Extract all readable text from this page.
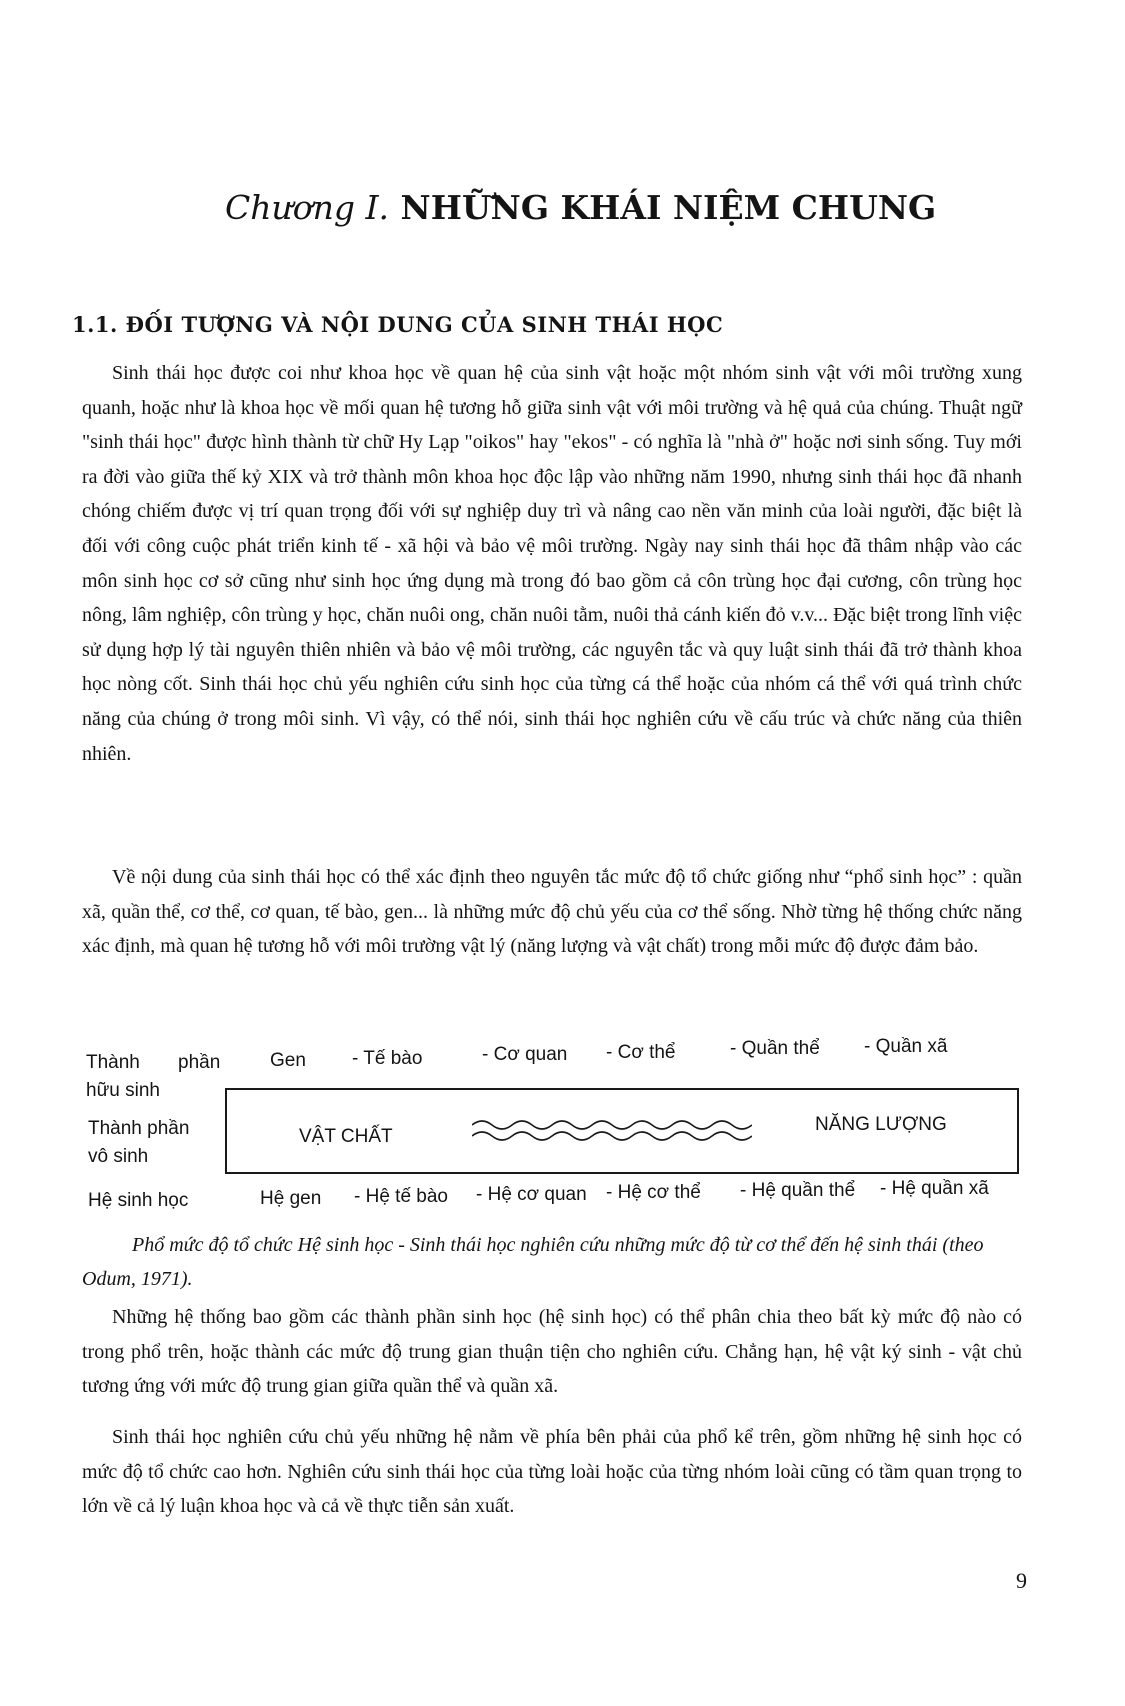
Chương I. NHỮNG KHÁI NIỆM CHUNG
1.1. ĐỐI TƯỢNG VÀ NỘI DUNG CỦA SINH THÁI HỌC

Sinh thái học được coi như khoa học về quan hệ của sinh vật hoặc một nhóm sinh vật với môi trường xung quanh, hoặc như là khoa học về mối quan hệ tương hỗ giữa sinh vật với môi trường và hệ quả của chúng. Thuật ngữ "sinh thái học" được hình thành từ chữ Hy Lạp "oikos" hay "ekos" - có nghĩa là "nhà ở" hoặc nơi sinh sống. Tuy mới ra đời vào giữa thế kỷ XIX và trở thành môn khoa học độc lập vào những năm 1990, nhưng sinh thái học đã nhanh chóng chiếm được vị trí quan trọng đối với sự nghiệp duy trì và nâng cao nền văn minh của loài người, đặc biệt là đối với công cuộc phát triển kinh tế - xã hội và bảo vệ môi trường. Ngày nay sinh thái học đã thâm nhập vào các môn sinh học cơ sở cũng như sinh học ứng dụng mà trong đó bao gồm cả côn trùng học đại cương, côn trùng học nông, lâm nghiệp, côn trùng y học, chăn nuôi ong, chăn nuôi tằm, nuôi thả cánh kiến đỏ v.v... Đặc biệt trong lĩnh việc sử dụng hợp lý tài nguyên thiên nhiên và bảo vệ môi trường, các nguyên tắc và quy luật sinh thái đã trở thành khoa học nòng cốt. Sinh thái học chủ yếu nghiên cứu sinh học của từng cá thể hoặc của nhóm cá thể với quá trình chức năng của chúng ở trong môi sinh. Vì vậy, có thể nói, sinh thái học nghiên cứu về cấu trúc và chức năng của thiên nhiên.

Về nội dung của sinh thái học có thể xác định theo nguyên tắc mức độ tổ chức giống như “phổ sinh học” : quần xã, quần thể, cơ thể, cơ quan, tế bào, gen... là những mức độ chủ yếu của cơ thể sống. Nhờ từng hệ thống chức năng xác định, mà quan hệ tương hỗ với môi trường vật lý (năng lượng và vật chất) trong mỗi mức độ được đảm bảo.

Thành phần
hữu sinh
Gen - Tế bào	- Cơ quan - Cơ thể	- Quần thể - Quần xã
Thành phần
vô sinh
VẬT CHẤT
NĂNG LƯỢNG
Hệ sinh học	Hệ gen - Hệ tế bào - Hệ cơ quan - Hệ cơ thể - Hệ quần thể - Hệ quần xã
Phổ mức độ tổ chức Hệ sinh học - Sinh thái học nghiên cứu những mức độ từ cơ thể đến hệ sinh thái (theo Odum, 1971).

Những hệ thống bao gồm các thành phần sinh học (hệ sinh học) có thể phân chia theo bất kỳ mức độ nào có trong phổ trên, hoặc thành các mức độ trung gian thuận tiện cho nghiên cứu. Chẳng hạn, hệ vật ký sinh - vật chủ tương ứng với mức độ trung gian giữa quần thể và quần xã.

Sinh thái học nghiên cứu chủ yếu những hệ nằm về phía bên phải của phổ kể trên, gồm những hệ sinh học có mức độ tổ chức cao hơn. Nghiên cứu sinh thái học của từng loài hoặc của từng nhóm loài cũng có tầm quan trọng to lớn về cả lý luận khoa học và cả về thực tiễn sản xuất.

9
